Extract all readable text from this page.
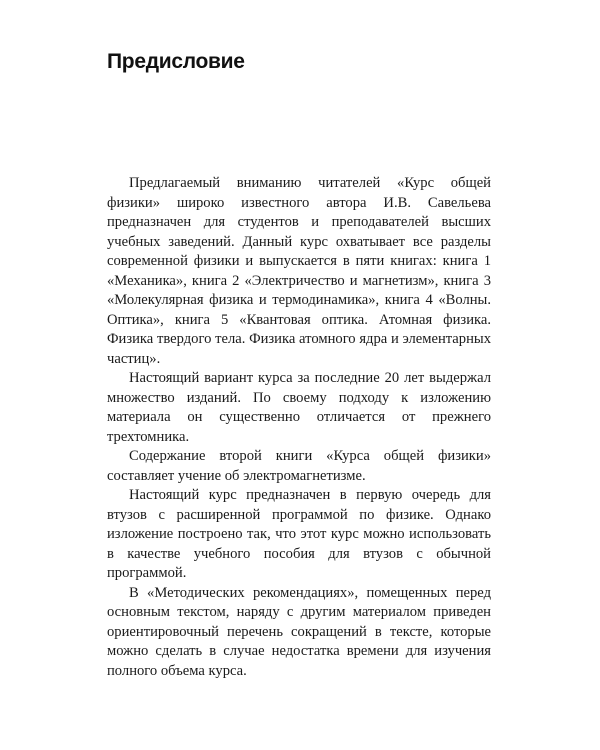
Предисловие

Предлагаемый вниманию читателей «Курс общей физики» широко известного автора И.В. Савельева предназначен для студентов и преподавателей высших учебных заведений. Данный курс охватывает все разделы современной физики и выпускается в пяти книгах: книга 1 «Механика», книга 2 «Электричество и магнетизм», книга 3 «Молекулярная физика и термодинамика», книга 4 «Волны. Оптика», книга 5 «Квантовая оптика. Атомная физика. Физика твердого тела. Физика атомного ядра и элементарных частиц».

Настоящий вариант курса за последние 20 лет выдержал множество изданий. По своему подходу к изложению материала он существенно отличается от прежнего трехтомника.

Содержание второй книги «Курса общей физики» составляет учение об электромагнетизме.

Настоящий курс предназначен в первую очередь для втузов с расширенной программой по физике. Однако изложение построено так, что этот курс можно использовать в качестве учебного пособия для втузов с обычной программой.

В «Методических рекомендациях», помещенных перед основным текстом, наряду с другим материалом приведен ориентировочный перечень сокращений в тексте, которые можно сделать в случае недостатка времени для изучения полного объема курса.
